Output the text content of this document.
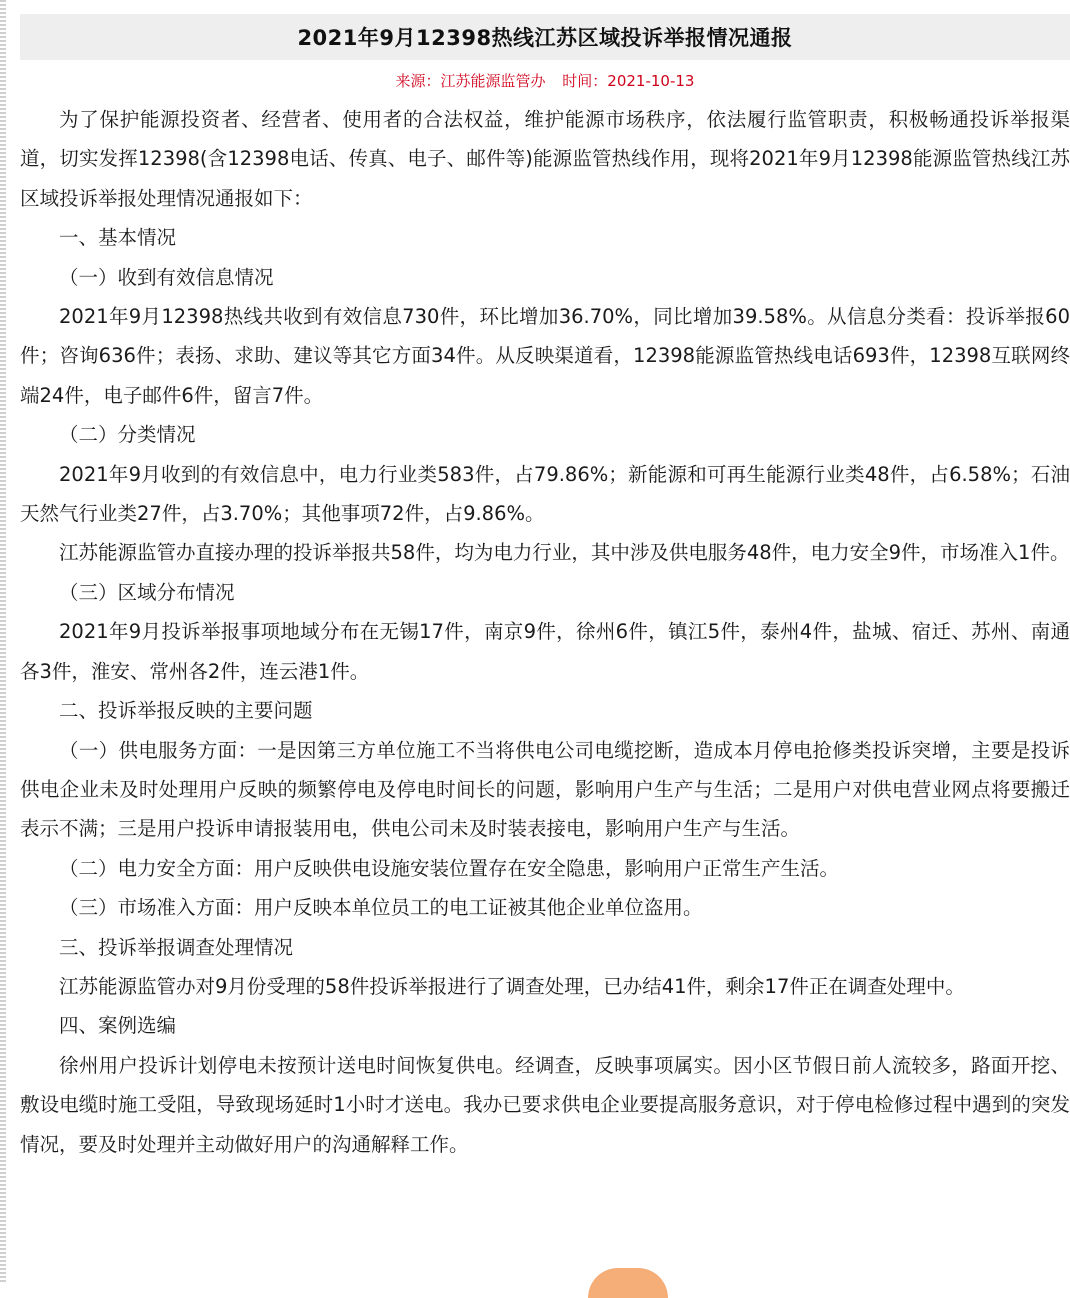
2021年9月12398热线江苏区域投诉举报情况通报
来源：江苏能源监管办 时间：2021-10-13

为了保护能源投资者、经营者、使用者的合法权益，维护能源市场秩序，依法履行监管职责，积极畅通投诉举报渠道，切实发挥12398(含12398电话、传真、电子、邮件等)能源监管热线作用，现将2021年9月12398能源监管热线江苏区域投诉举报处理情况通报如下：

一、基本情况

（一）收到有效信息情况

2021年9月12398热线共收到有效信息730件，环比增加36.70%，同比增加39.58%。从信息分类看：投诉举报60件；咨询636件；表扬、求助、建议等其它方面34件。从反映渠道看，12398能源监管热线电话693件，12398互联网终端24件，电子邮件6件，留言7件。

（二）分类情况

2021年9月收到的有效信息中，电力行业类583件，占79.86%；新能源和可再生能源行业类48件，占6.58%；石油天然气行业类27件，占3.70%；其他事项72件，占9.86%。

江苏能源监管办直接办理的投诉举报共58件，均为电力行业，其中涉及供电服务48件，电力安全9件，市场准入1件。

（三）区域分布情况

2021年9月投诉举报事项地域分布在无锡17件，南京9件，徐州6件，镇江5件，泰州4件，盐城、宿迁、苏州、南通各3件，淮安、常州各2件，连云港1件。

二、投诉举报反映的主要问题

（一）供电服务方面：一是因第三方单位施工不当将供电公司电缆挖断，造成本月停电抢修类投诉突增，主要是投诉供电企业未及时处理用户反映的频繁停电及停电时间长的问题，影响用户生产与生活；二是用户对供电营业网点将要搬迁表示不满；三是用户投诉申请报装用电，供电公司未及时装表接电，影响用户生产与生活。

（二）电力安全方面：用户反映供电设施安装位置存在安全隐患，影响用户正常生产生活。

（三）市场准入方面：用户反映本单位员工的电工证被其他企业单位盗用。

三、投诉举报调查处理情况

江苏能源监管办对9月份受理的58件投诉举报进行了调查处理，已办结41件，剩余17件正在调查处理中。

四、案例选编

徐州用户投诉计划停电未按预计送电时间恢复供电。经调查，反映事项属实。因小区节假日前人流较多，路面开挖、敷设电缆时施工受阻，导致现场延时1小时才送电。我办已要求供电企业要提高服务意识，对于停电检修过程中遇到的突发情况，要及时处理并主动做好用户的沟通解释工作。
